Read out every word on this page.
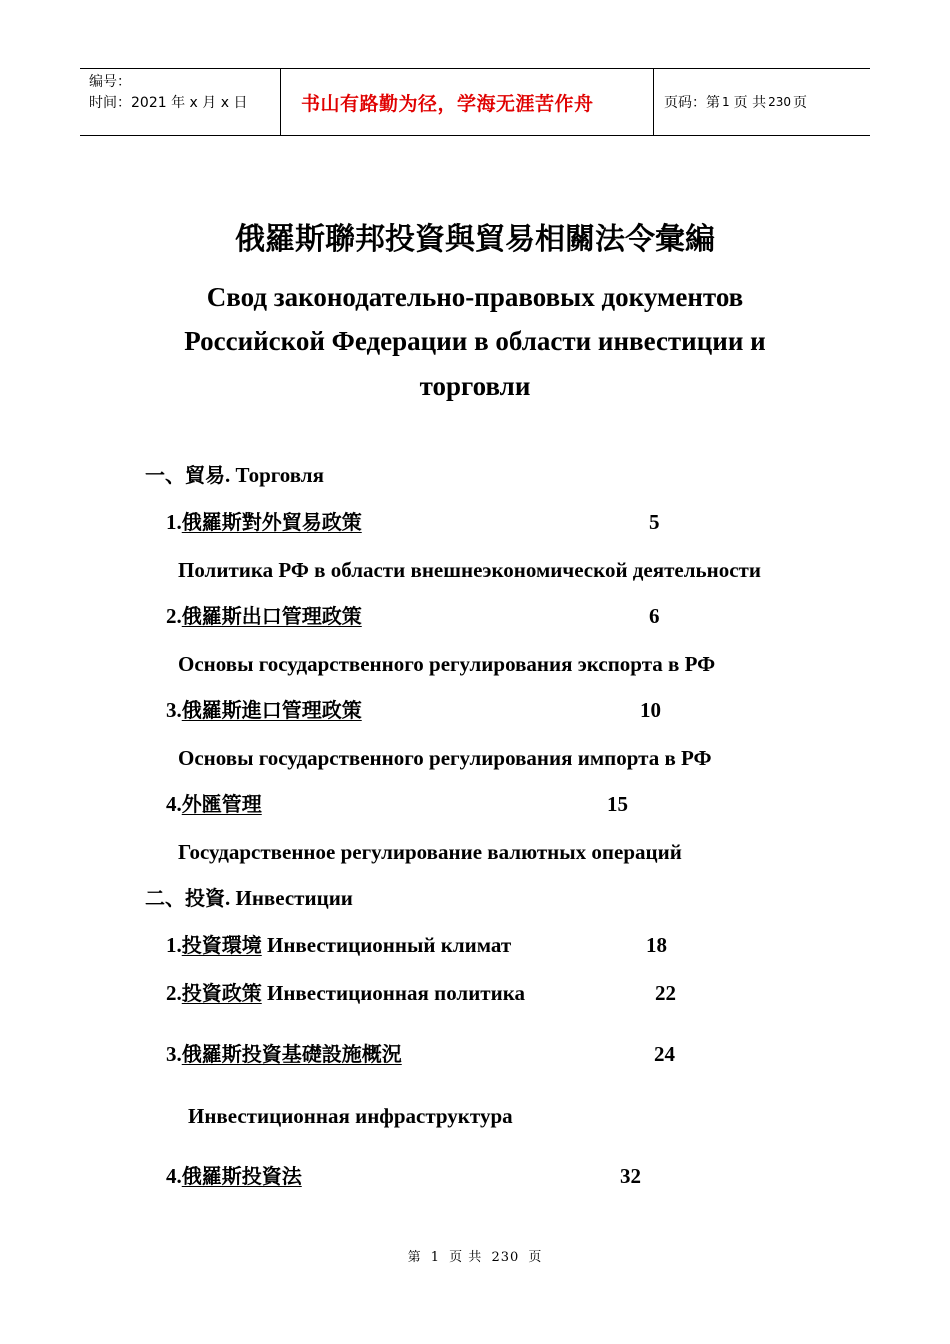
编号：
时间：2021 年 x 月 x 日	书山有路勤为径，学海无涯苦作舟	页码：第 1 页 共 230 页
俄羅斯聯邦投資與貿易相關法令彙編
Свод законодательно-правовых документов
Российской Федерации в области инвестиции и
торговли
一、貿易. Торговля
1.俄羅斯對外貿易政策	5
Политика РФ в области внешнеэкономической деятельности
2.俄羅斯出口管理政策	6
Основы государственного регулирования экспорта в РФ
3.俄羅斯進口管理政策	10
Основы государственного регулирования импорта в РФ
4.外匯管理	15
Государственное регулирование валютных операций
二、投資. Инвестиции
1.投資環境 Инвестиционный климат	18
2.投資政策 Инвестиционная политика	22
3.俄羅斯投資基礎設施概況	24
Инвестиционная инфраструктура
4.俄羅斯投資法	32
第 1 页 共 230 页
